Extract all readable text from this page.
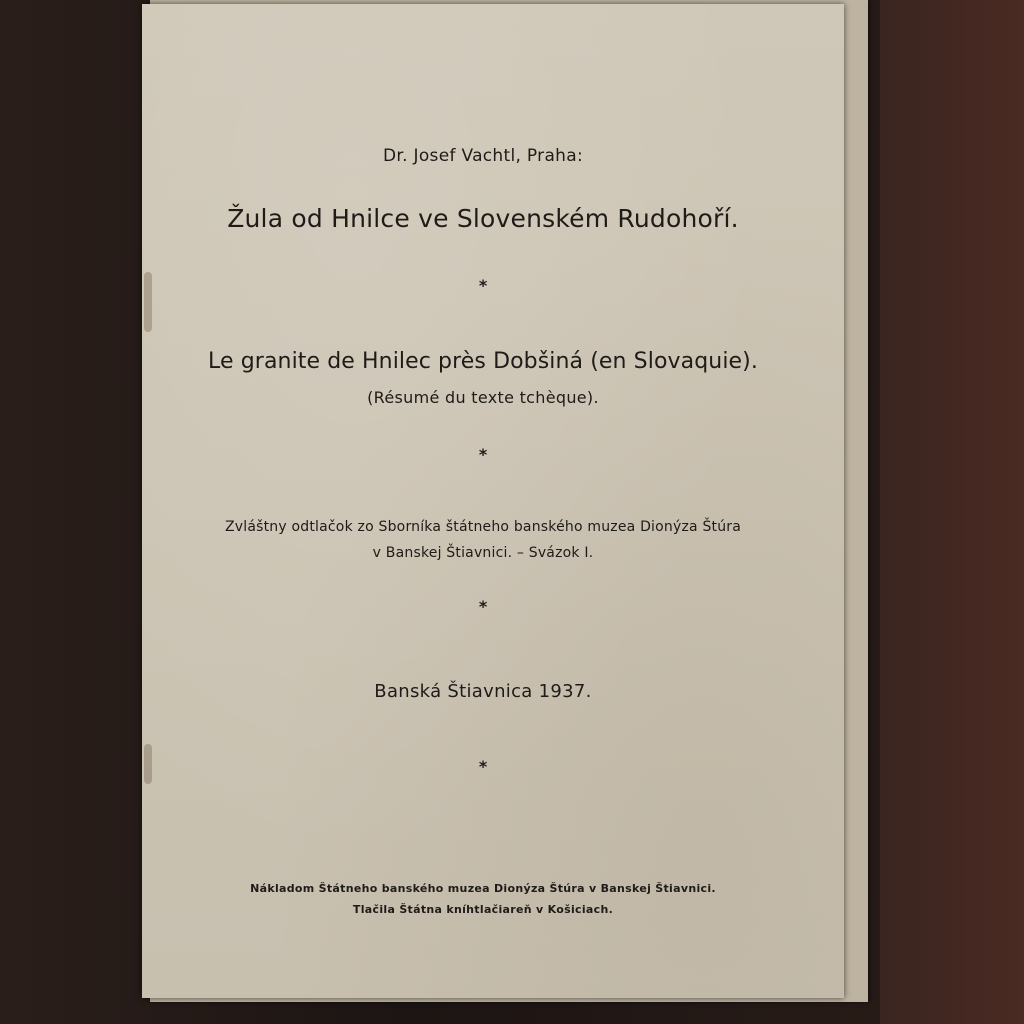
Dr. Josef Vachtl, Praha:
Žula od Hnilce ve Slovenském Rudohoří.
*
Le granite de Hnilec près Dobšiná (en Slovaquie).
(Résumé du texte tchèque).
*
Zvláštny odtlačok zo Sborníka štátneho banského muzea Dionýza Štúra
v Banskej Štiavnici. – Svázok I.
*
Banská Štiavnica 1937.
*
Nákladom Štátneho banského muzea Dionýza Štúra v Banskej Štiavnici.
Tlačila Štátna kníhtlačiareň v Košiciach.
